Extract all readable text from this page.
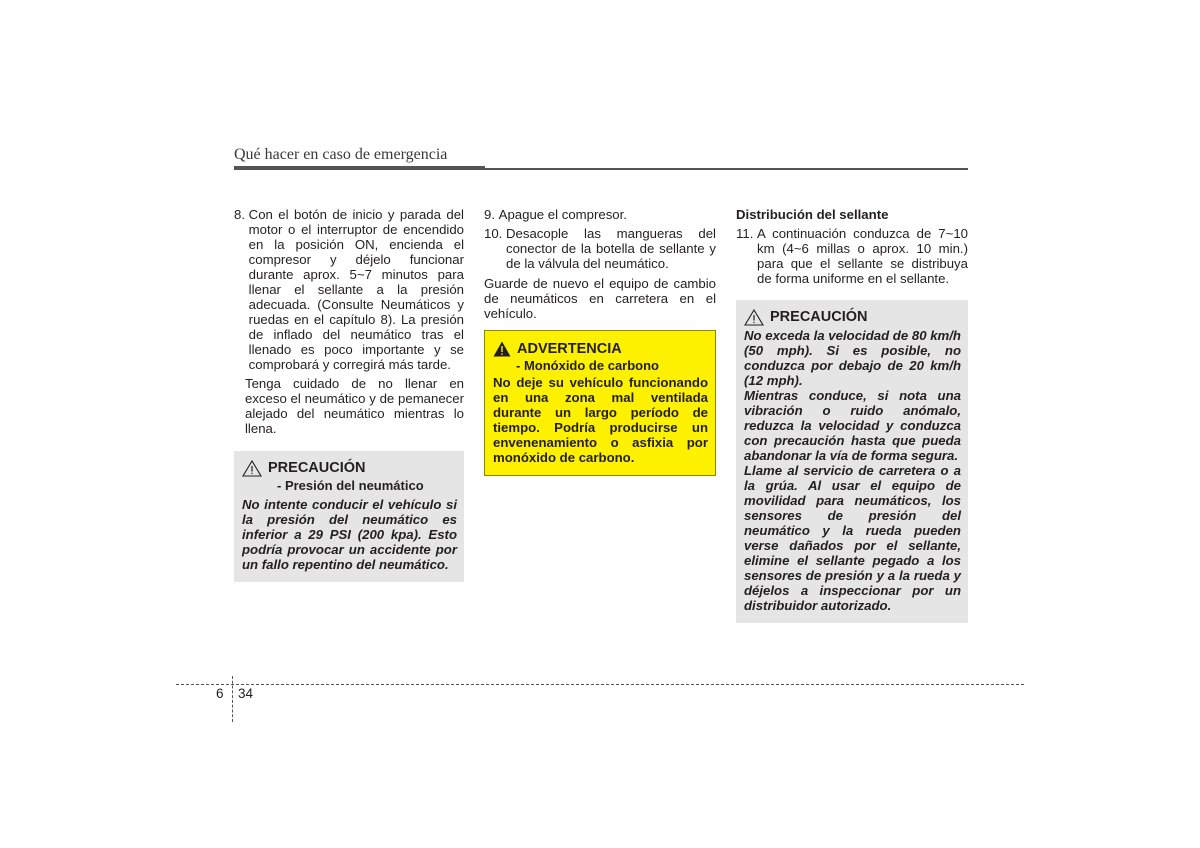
Qué hacer en caso de emergencia
8. Con el botón de inicio y parada del motor o el interruptor de encendido en la posición ON, encienda el compresor y déjelo funcionar durante aprox. 5~7 minutos para llenar el sellante a la presión adecuada. (Consulte Neumáticos y ruedas en el capítulo 8). La presión de inflado del neumático tras el llenado es poco importante y se comprobará y corregirá más tarde.
Tenga cuidado de no llenar en exceso el neumático y de pemanecer alejado del neumático mientras lo llena.
PRECAUCIÓN
- Presión del neumático
No intente conducir el vehículo si la presión del neumático es inferior a 29 PSI (200 kpa). Esto podría provocar un accidente por un fallo repentino del neumático.
9. Apague el compresor.
10. Desacople las mangueras del conector de la botella de sellante y de la válvula del neumático.
Guarde de nuevo el equipo de cambio de neumáticos en carretera en el vehículo.
ADVERTENCIA
- Monóxido de carbono
No deje su vehículo funcionando en una zona mal ventilada durante un largo período de tiempo. Podría producirse un envenenamiento o asfixia por monóxido de carbono.
Distribución del sellante
11. A continuación conduzca de 7~10 km (4~6 millas o aprox. 10 min.) para que el sellante se distribuya de forma uniforme en el sellante.
PRECAUCIÓN
No exceda la velocidad de 80 km/h (50 mph). Si es posible, no conduzca por debajo de 20 km/h (12 mph).
Mientras conduce, si nota una vibración o ruido anómalo, reduzca la velocidad y conduzca con precaución hasta que pueda abandonar la vía de forma segura.
Llame al servicio de carretera o a la grúa. Al usar el equipo de movilidad para neumáticos, los sensores de presión del neumático y la rueda pueden verse dañados por el sellante, elimine el sellante pegado a los sensores de presión y a la rueda y déjelos a inspeccionar por un distribuidor autorizado.
6 34
